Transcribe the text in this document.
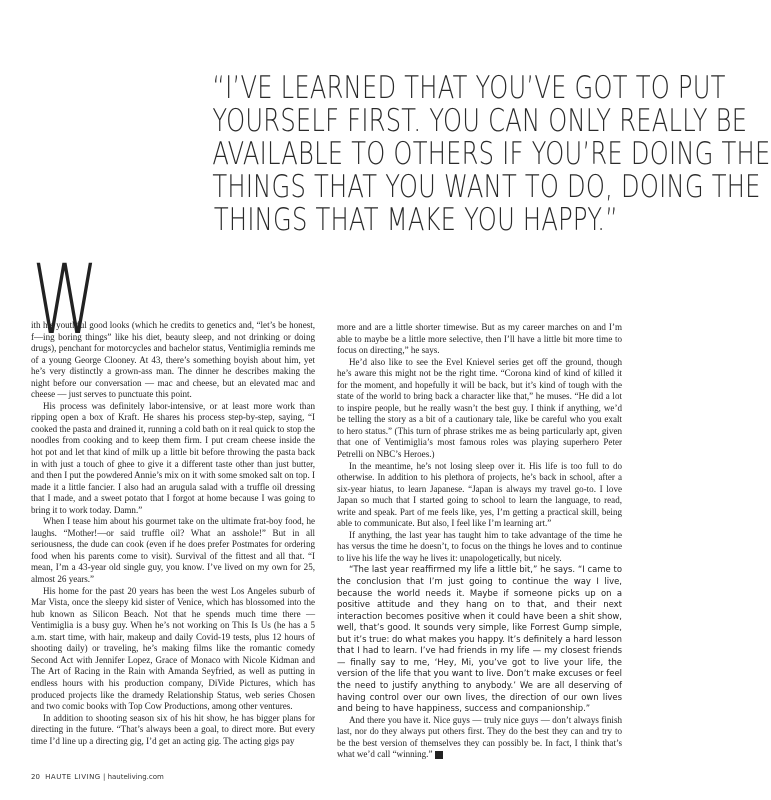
“I’VE LEARNED THAT YOU’VE GOT TO PUT
YOURSELF FIRST. YOU CAN ONLY REALLY BE
AVAILABLE TO OTHERS IF YOU’RE DOING THE
THINGS THAT YOU WANT TO DO, DOING THE
THINGS THAT MAKE YOU HAPPY.”
W

ith his youthful good looks (which he credits to genetics and, “let’s be honest, f—ing boring things” like his diet, beauty sleep, and not drinking or doing drugs), penchant for motorcycles and bachelor status, Ventimiglia reminds me of a young George Clooney. At 43, there’s something boyish about him, yet he’s very distinctly a grown-ass man. The dinner he describes making the night before our conversation — mac and cheese, but an elevated mac and cheese — just serves to punctuate this point.

His process was definitely labor-intensive, or at least more work than ripping open a box of Kraft. He shares his process step-by-step, saying, “I cooked the pasta and drained it, running a cold bath on it real quick to stop the noodles from cooking and to keep them firm. I put cream cheese inside the hot pot and let that kind of milk up a little bit before throwing the pasta back in with just a touch of ghee to give it a different taste other than just butter, and then I put the powdered Annie’s mix on it with some smoked salt on top. I made it a little fancier. I also had an arugula salad with a truffle oil dressing that I made, and a sweet potato that I forgot at home because I was going to bring it to work today. Damn.”

When I tease him about his gourmet take on the ultimate frat-boy food, he laughs. “Mother!—or said truffle oil? What an asshole!” But in all seriousness, the dude can cook (even if he does prefer Postmates for ordering food when his parents come to visit). Survival of the fittest and all that. “I mean, I’m a 43-year old single guy, you know. I’ve lived on my own for 25, almost 26 years.”

His home for the past 20 years has been the west Los Angeles suburb of Mar Vista, once the sleepy kid sister of Venice, which has blossomed into the hub known as Silicon Beach. Not that he spends much time there — Ventimiglia is a busy guy. When he’s not working on This Is Us (he has a 5 a.m. start time, with hair, makeup and daily Covid-19 tests, plus 12 hours of shooting daily) or traveling, he’s making films like the romantic comedy Second Act with Jennifer Lopez, Grace of Monaco with Nicole Kidman and The Art of Racing in the Rain with Amanda Seyfried, as well as putting in endless hours with his production company, DiVide Pictures, which has produced projects like the dramedy Relationship Status, web series Chosen and two comic books with Top Cow Productions, among other ventures.

In addition to shooting season six of his hit show, he has bigger plans for directing in the future. “That’s always been a goal, to direct more. But every time I’d line up a directing gig, I’d get an acting gig. The acting gigs pay

more and are a little shorter timewise. But as my career marches on and I’m able to maybe be a little more selective, then I’ll have a little bit more time to focus on directing,” he says.

He’d also like to see the Evel Knievel series get off the ground, though he’s aware this might not be the right time. “Corona kind of kind of killed it for the moment, and hopefully it will be back, but it’s kind of tough with the state of the world to bring back a character like that,” he muses. “He did a lot to inspire people, but he really wasn’t the best guy. I think if anything, we’d be telling the story as a bit of a cautionary tale, like be careful who you exalt to hero status.” (This turn of phrase strikes me as being particularly apt, given that one of Ventimiglia’s most famous roles was playing superhero Peter Petrelli on NBC’s Heroes.)

In the meantime, he’s not losing sleep over it. His life is too full to do otherwise. In addition to his plethora of projects, he’s back in school, after a six-year hiatus, to learn Japanese. “Japan is always my travel go-to. I love Japan so much that I started going to school to learn the language, to read, write and speak. Part of me feels like, yes, I’m getting a practical skill, being able to communicate. But also, I feel like I’m learning art.”

If anything, the last year has taught him to take advantage of the time he has versus the time he doesn’t, to focus on the things he loves and to continue to live his life the way he lives it: unapologetically, but nicely.

“The last year reaffirmed my life a little bit,” he says. “I came to the conclusion that I’m just going to continue the way I live, because the world needs it. Maybe if someone picks up on a positive attitude and they hang on to that, and their next interaction becomes positive when it could have been a shit show, well, that’s good. It sounds very simple, like Forrest Gump simple, but it’s true: do what makes you happy. It’s definitely a hard lesson that I had to learn. I’ve had friends in my life — my closest friends — finally say to me, ‘Hey, Mi, you’ve got to live your life, the version of the life that you want to live. Don’t make excuses or feel the need to justify anything to anybody.’ We are all deserving of having control over our own lives, the direction of our own lives and being to have happiness, success and companionship.”

And there you have it. Nice guys — truly nice guys — don’t always finish last, nor do they always put others first. They do the best they can and try to be the best version of themselves they can possibly be. In fact, I think that’s what we’d call “winning.”	H

20 HAUTE LIVING | hauteliving.com
